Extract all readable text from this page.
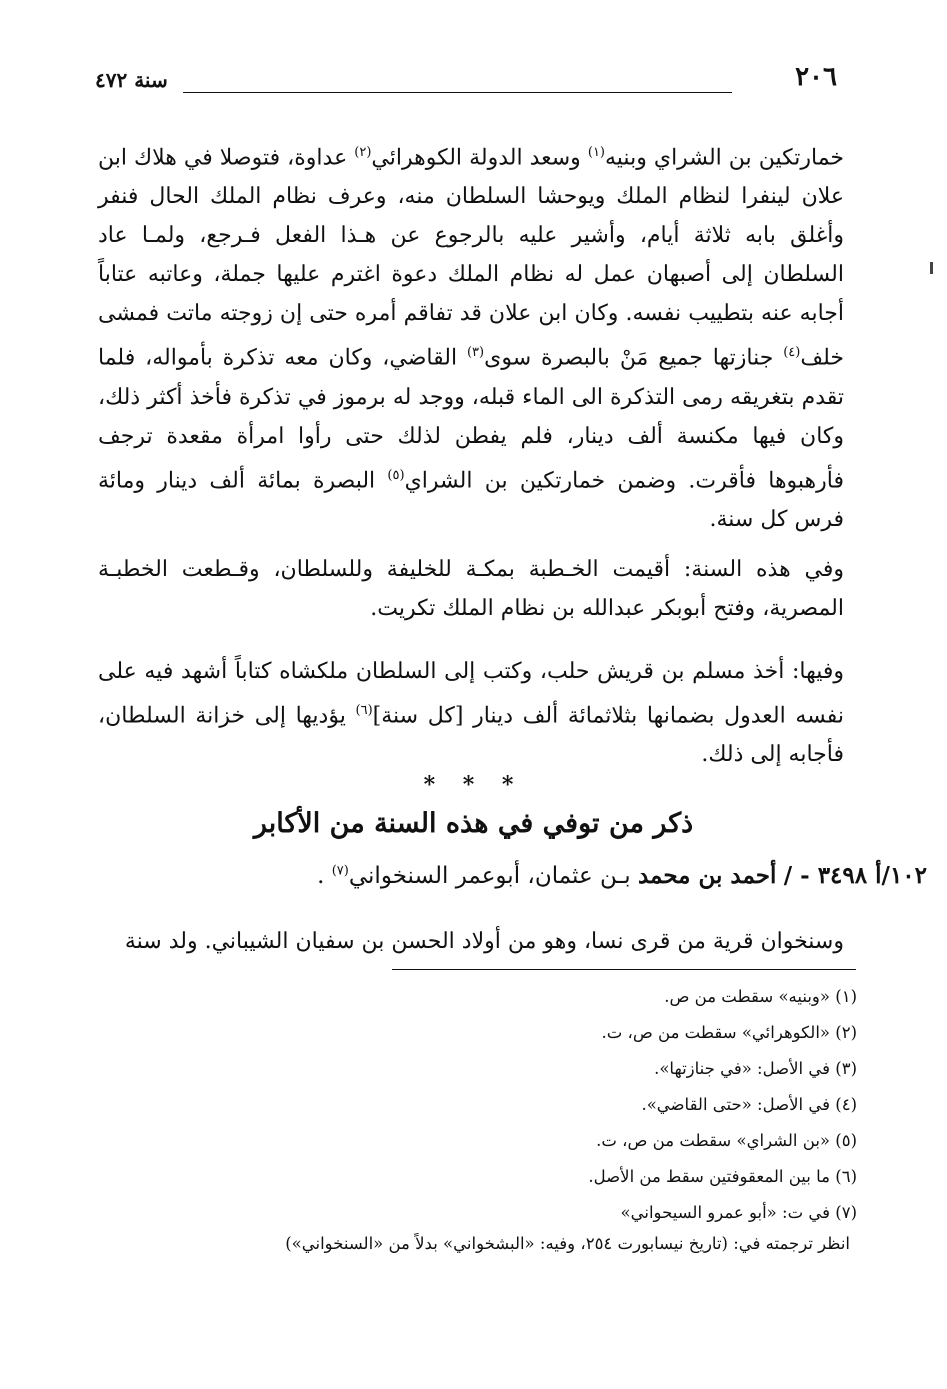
٢٠٦
سنة ٤٧٢

خمارتكين بن الشراي وبنيه$^{(١)}$ وسعد الدولة الكوهرائي$^{(٢)}$ عداوة، فتوصلا في هلاك ابن علان لينفرا لنظام الملك ويوحشا السلطان منه، وعرف نظام الملك الحال فنفر وأغلق بابه ثلاثة أيام، وأشير عليه بالرجوع عن هـذا الفعل فـرجع، ولمـا عاد السلطان إلى أصبهان عمل له نظام الملك دعوة اغترم عليها جملة، وعاتبه عتاباً أجابه عنه بتطييب نفسه. وكان ابن علان قد تفاقم أمره حتى إن زوجته ماتت فمشى خلف$^{(٤)}$ جنازتها جميع مَنْ بالبصرة سوى$^{(٣)}$ القاضي، وكان معه تذكرة بأمواله، فلما تقدم بتغريقه رمى التذكرة الى الماء قبله، ووجد له برموز في تذكرة فأخذ أكثر ذلك، وكان فيها مكنسة ألف دينار، فلم يفطن لذلك حتى رأوا امرأة مقعدة ترجف فأرهبوها فأقرت. وضمن خمارتكين بن الشراي$^{(٥)}$ البصرة بمائة ألف دينار ومائة فرس كل سنة.

وفي هذه السنة: أقيمت الخـطبة بمكـة للخليفة وللسلطان، وقـطعت الخطبـة المصرية، وفتح أبوبكر عبدالله بن نظام الملك تكريت.

وفيها: أخذ مسلم بن قريش حلب، وكتب إلى السلطان ملكشاه كتاباً أشهد فيه على نفسه العدول بضمانها بثلاثمائة ألف دينار [كل سنة]$^{(٦)}$ يؤديها إلى خزانة السلطان، فأجابه إلى ذلك.

* * *
ذكر من توفي في هذه السنة من الأكابر
١٠٢/أ ٣٤٩٨ - / أحمد بن محمد بـن عثمان، أبوعمر السنخواني$^{(٧)}$ .

وسنخوان قرية من قرى نسا، وهو من أولاد الحسن بن سفيان الشيباني. ولد سنة

(١) «وبنيه» سقطت من ص.
(٢) «الكوهرائي» سقطت من ص، ت.
(٣) في الأصل: «في جنازتها».
(٤) في الأصل: «حتى القاضي».
(٥) «بن الشراي» سقطت من ص، ت.
(٦) ما بين المعقوفتين سقط من الأصل.
(٧) في ت: «أبو عمرو السيحواني»
انظر ترجمته في: (تاريخ نيسابورت ٢٥٤، وفيه: «البشخواني» بدلاً من «السنخواني»)
